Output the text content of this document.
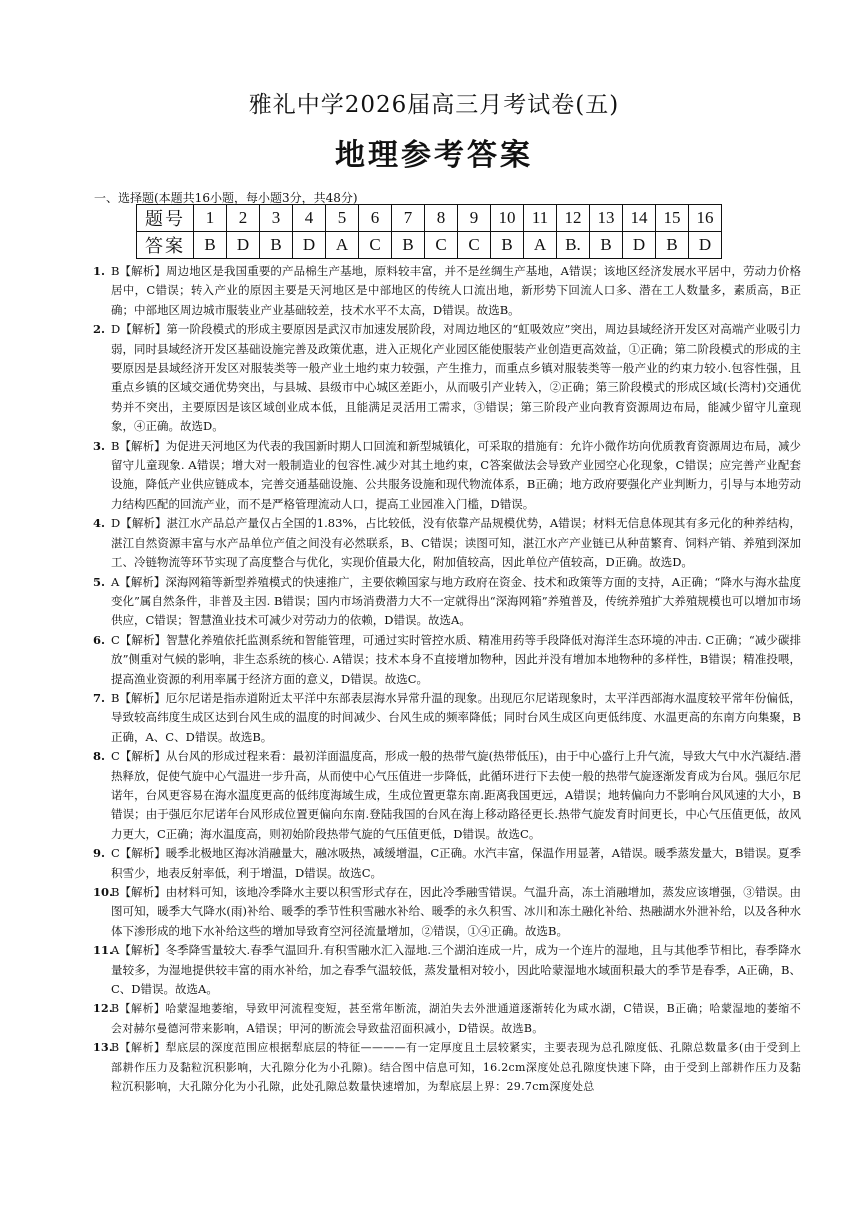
雅礼中学2026届高三月考试卷(五)
地理参考答案
一、选择题(本题共16小题，每小题3分，共48分)
题号	1	2	3	4	5	6	7	8	9	10	11	12	13	14	15	16
答案	B	D	B	D	A	C	B	C	C	B	A	B.	B	D	B	D
1. B【解析】周边地区是我国重要的产品棉生产基地，原料较丰富，并不是丝绸生产基地，A错误；该地区经济发展水平居中，劳动力价格居中，C错误；转入产业的原因主要是天河地区是中部地区的传统人口流出地，新形势下回流人口多、潜在工人数量多，素质高，B正确；中部地区周边城市服装业产业基础较差，技术水平不太高，D错误。故选B。

2. D【解析】第一阶段模式的形成主要原因是武汉市加速发展阶段，对周边地区的“虹吸效应”突出，周边县域经济开发区对高端产业吸引力弱，同时县域经济开发区基础设施完善及政策优惠，进入正规化产业园区能使服装产业创造更高效益，①正确；第二阶段模式的形成的主要原因是县域经济开发区对服装类等一般产业土地约束力较强，产生推力，而重点乡镇对服装类等一般产业的约束力较小.包容性强，且重点乡镇的区域交通优势突出，与县城、县级市中心城区差距小，从而吸引产业转入，②正确；第三阶段模式的形成区域(长湾村)交通优势并不突出，主要原因是该区域创业成本低，且能满足灵活用工需求，③错误；第三阶段产业向教育资源周边布局，能减少留守儿童现象，④正确。故选D。

3. B【解析】为促进天河地区为代表的我国新时期人口回流和新型城镇化，可采取的措施有：允许小微作坊向优质教育资源周边布局，减少留守儿童现象. A错误；增大对一般制造业的包容性.减少对其土地约束，C答案做法会导致产业园空心化现象，C错误；应完善产业配套设施，降低产业供应链成本，完善交通基础设施、公共服务设施和现代物流体系，B正确；地方政府要强化产业判断力，引导与本地劳动力结构匹配的回流产业，而不是严格管理流动人口，提高工业园准入门槛，D错误。

4. D【解析】湛江水产品总产量仅占全国的1.83%，占比较低，没有依靠产品规模优势，A错误；材料无信息体现其有多元化的种养结构，湛江自然资源丰富与水产品单位产值之间没有必然联系，B、C错误；读图可知，湛江水产产业链已从种苗繁育、饲料产销、养殖到深加工、冷链物流等环节实现了高度整合与优化，实现价值最大化，附加值较高，因此单位产值较高，D正确。故选D。

5. A【解析】深海网箱等新型养殖模式的快速推广，主要依赖国家与地方政府在资金、技术和政策等方面的支持，A正确；“降水与海水盐度变化”属自然条件，非普及主因. B错误；国内市场消费潜力大不一定就得出“深海网箱”养殖普及，传统养殖扩大养殖规模也可以增加市场供应，C错误；智慧渔业技术可减少对劳动力的依赖，D错误。故选A。

6. C【解析】智慧化养殖依托监测系统和智能管理，可通过实时管控水质、精准用药等手段降低对海洋生态环境的冲击. C正确；“减少碳排放”侧重对气候的影响，非生态系统的核心. A错误；技术本身不直接增加物种，因此并没有增加本地物种的多样性，B错误；精准投喂，提高渔业资源的利用率属于经济方面的意义，D错误。故选C。

7. B【解析】厄尔尼诺是指赤道附近太平洋中东部表层海水异常升温的现象。出现厄尔尼诺现象时，太平洋西部海水温度较平常年份偏低，导致较高纬度生成区达到台风生成的温度的时间减少、台风生成的频率降低；同时台风生成区向更低纬度、水温更高的东南方向集聚，B正确，A、C、D错误。故选B。

8. C【解析】从台风的形成过程来看：最初洋面温度高，形成一般的热带气旋(热带低压)，由于中心盛行上升气流，导致大气中水汽凝结.潜热释放，促使气旋中心气温进一步升高，从而使中心气压值进一步降低，此循环进行下去使一般的热带气旋逐渐发育成为台风。强厄尔尼诺年，台风更容易在海水温度更高的低纬度海域生成，生成位置更靠东南.距离我国更远，A错误；地转偏向力不影响台风风速的大小，B错误；由于强厄尔尼诺年台风形成位置更偏向东南.登陆我国的台风在海上移动路径更长.热带气旋发育时间更长，中心气压值更低，故风力更大，C正确；海水温度高，则初始阶段热带气旋的气压值更低，D错误。故选C。

9. C【解析】暖季北极地区海冰消融量大，融冰吸热，减缓增温，C正确。水汽丰富，保温作用显著，A错误。暖季蒸发量大，B错误。夏季积雪少，地表反射率低，利于增温，D错误。故选C。

10.

B【解析】由材料可知，该地冷季降水主要以积雪形式存在，因此冷季融雪错误。气温升高，冻土消融增加，蒸发应该增强，③错误。由图可知，暖季大气降水(雨)补给、暖季的季节性积雪融水补给、暖季的永久积雪、冰川和冻土融化补给、热融湖水外泄补给，以及各种水体下渗形成的地下水补给这些的增加导致育空河径流量增加，②错误，①④正确。故选B。

11.

A【解析】冬季降雪量较大.春季气温回升.有积雪融水汇入湿地.三个湖泊连成一片，成为一个连片的湿地，且与其他季节相比，春季降水量较多，为湿地提供较丰富的雨水补给，加之春季气温较低，蒸发量相对较小，因此哈蒙湿地水域面积最大的季节是春季，A正确，B、C、D错误。故选A。

12.

B【解析】哈蒙湿地萎缩，导致甲河流程变短，甚至常年断流，湖泊失去外泄通道逐渐转化为咸水湖，C错误，B正确；哈蒙湿地的萎缩不会对赫尔曼德河带来影响，A错误；甲河的断流会导致盐沼面积减小，D错误。故选B。

13.

B【解析】犁底层的深度范围应根据犁底层的特征————有一定厚度且土层较紧实，主要表现为总孔隙度低、孔隙总数量多(由于受到上部耕作压力及黏粒沉积影响，大孔隙分化为小孔隙)。结合图中信息可知，16.2cm深度处总孔隙度快速下降，由于受到上部耕作压力及黏粒沉积影响，大孔隙分化为小孔隙，此处孔隙总数量快速增加，为犁底层上界：29.7cm深度处总
